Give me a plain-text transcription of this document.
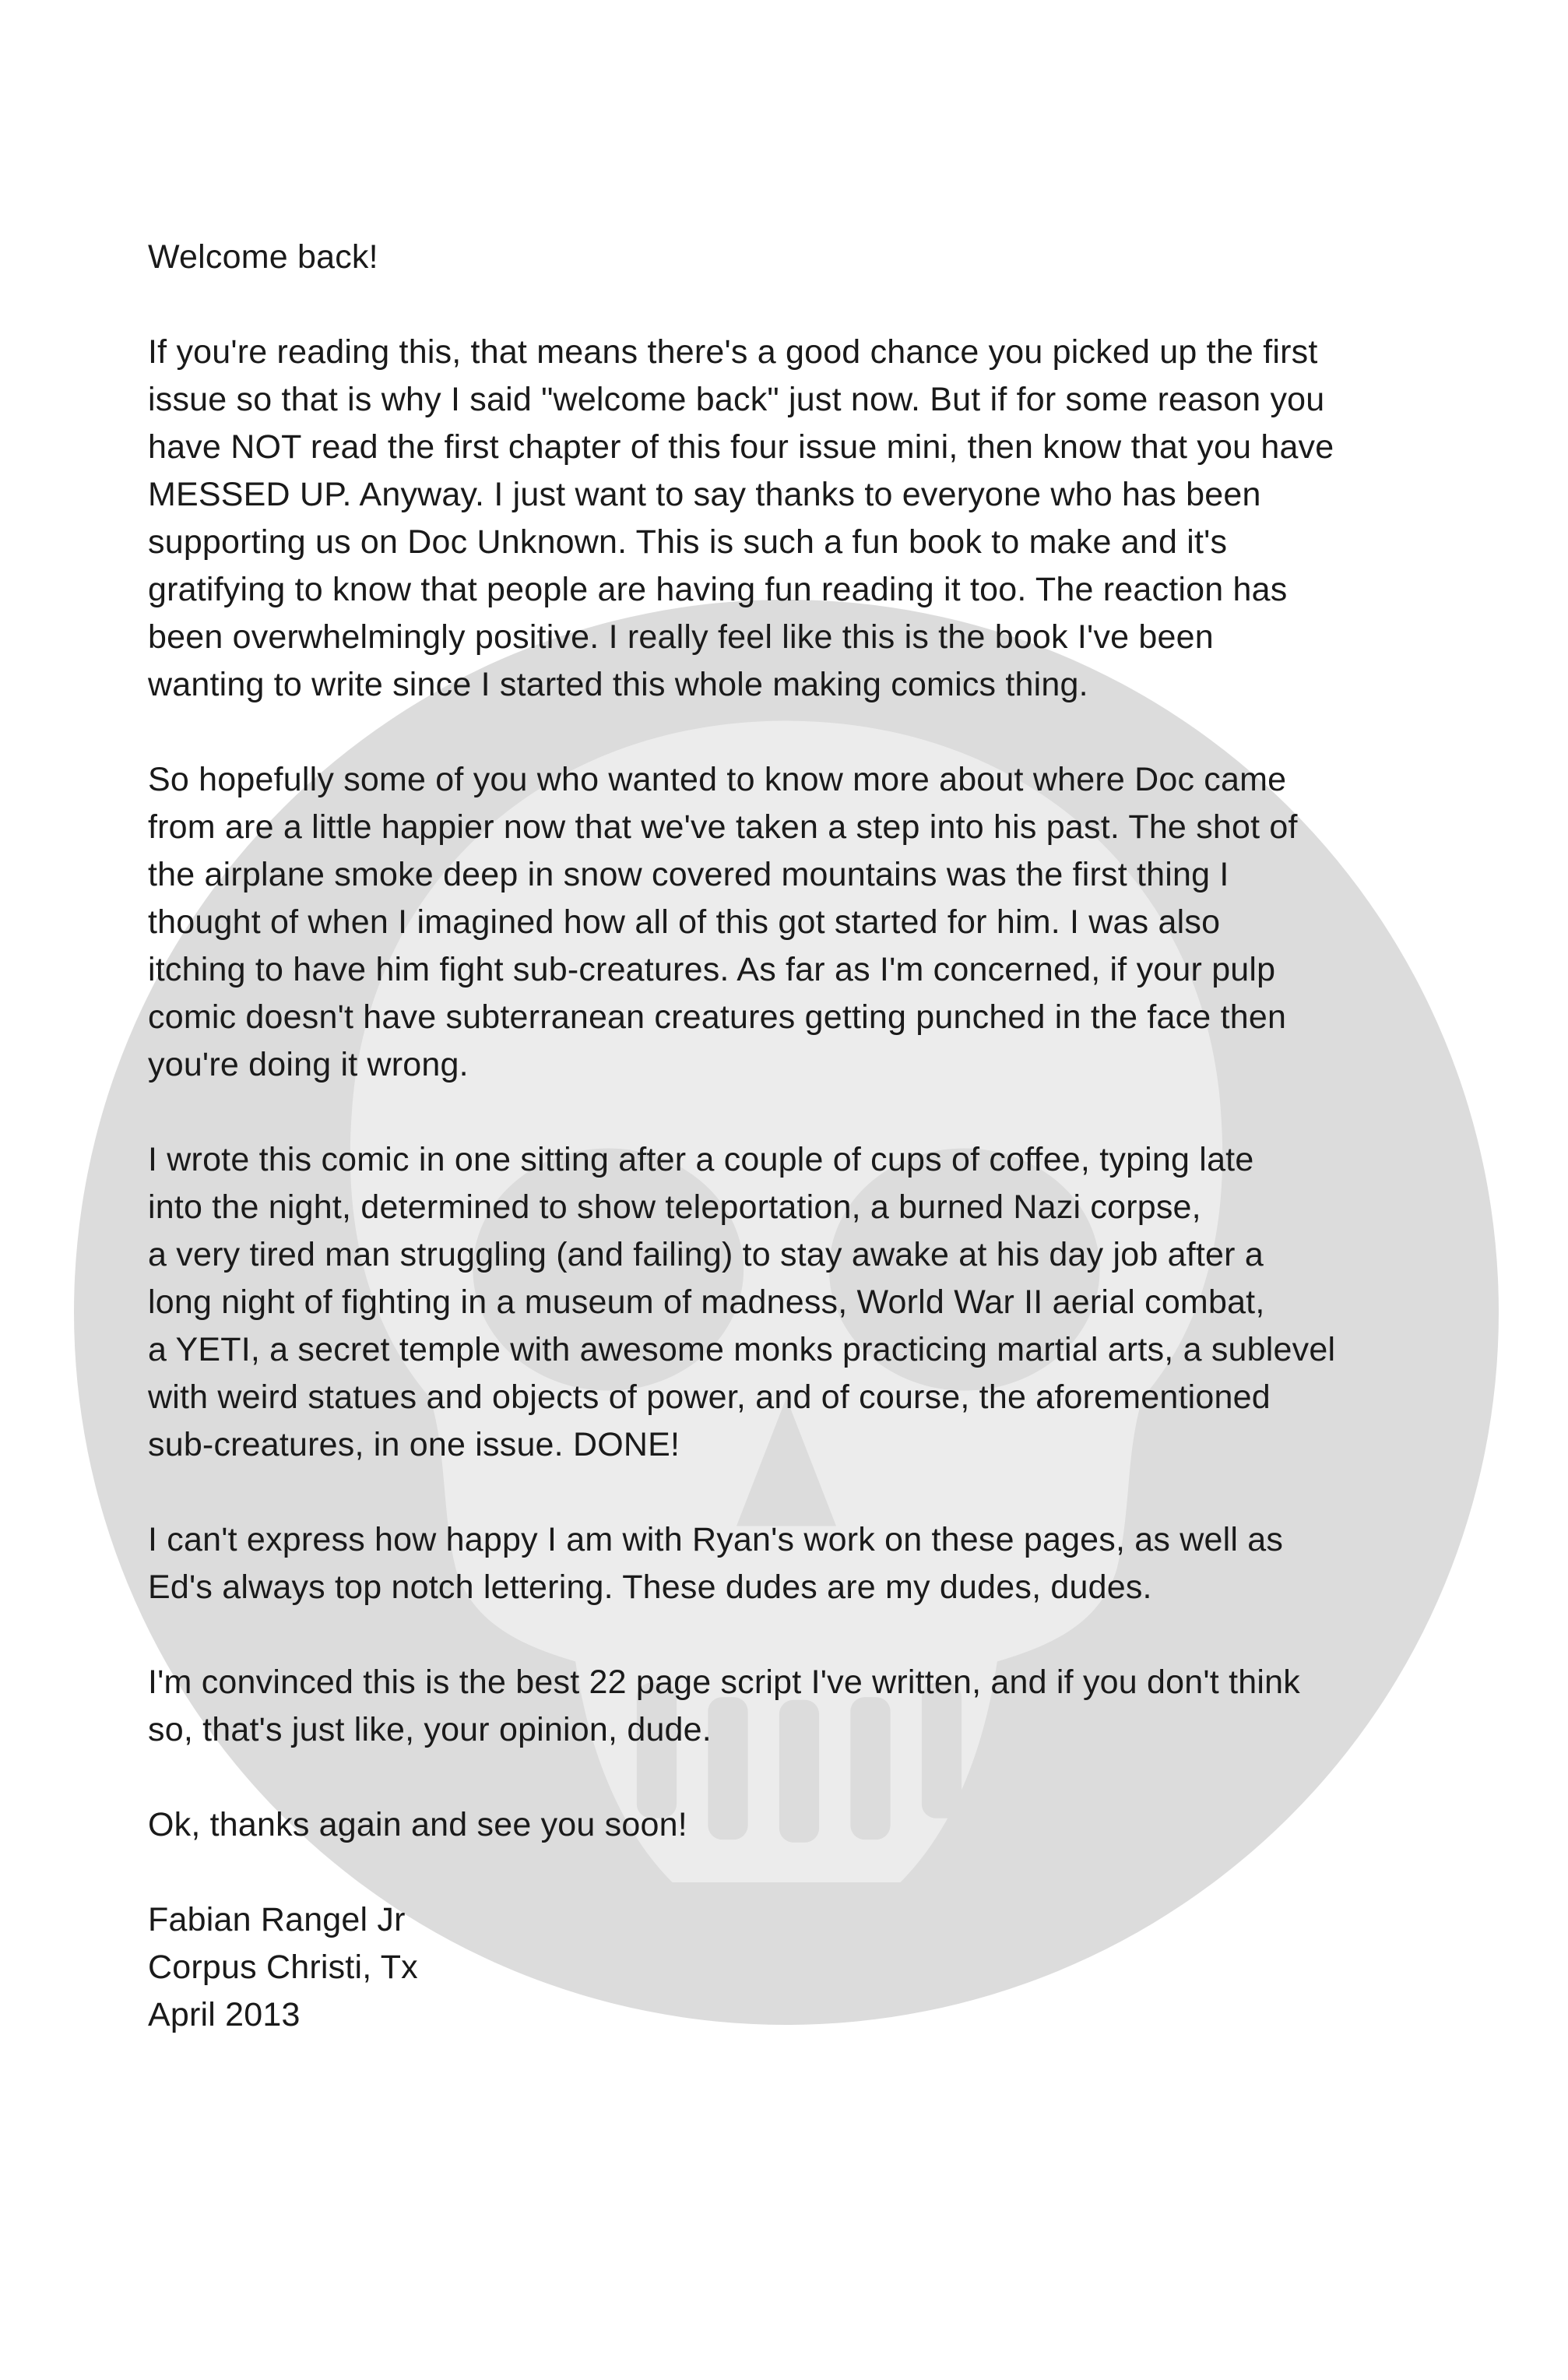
Welcome back!

If you're reading this, that means there's a good chance you picked up the first
issue so that is why I said "welcome back" just now. But if for some reason you
have NOT read the first chapter of this four issue mini, then know that you have
MESSED UP. Anyway. I just want to say thanks to everyone who has been
supporting us on Doc Unknown. This is such a fun book to make and it's
gratifying to know that people are having fun reading it too. The reaction has
been overwhelmingly positive. I really feel like this is the book I've been
wanting to write since I started this whole making comics thing.

So hopefully some of you who wanted to know more about where Doc came
from are a little happier now that we've taken a step into his past. The shot of
the airplane smoke deep in snow covered mountains was the first thing I
thought of when I imagined how all of this got started for him. I was also
itching to have him fight sub-creatures. As far as I'm concerned, if your pulp
comic doesn't have subterranean creatures getting punched in the face then
you're doing it wrong.

I wrote this comic in one sitting after a couple of cups of coffee, typing late
into the night, determined to show teleportation, a burned Nazi corpse,
a very tired man struggling (and failing) to stay awake at his day job after a
long night of fighting in a museum of madness, World War II aerial combat,
a YETI, a secret temple with awesome monks practicing martial arts, a sublevel
with weird statues and objects of power, and of course, the aforementioned
sub-creatures, in one issue. DONE!

I can't express how happy I am with Ryan's work on these pages, as well as
Ed's always top notch lettering. These dudes are my dudes, dudes.

I'm convinced this is the best 22 page script I've written, and if you don't think
so, that's just like, your opinion, dude.

Ok, thanks again and see you soon!

Fabian Rangel Jr
Corpus Christi, Tx
April 2013
